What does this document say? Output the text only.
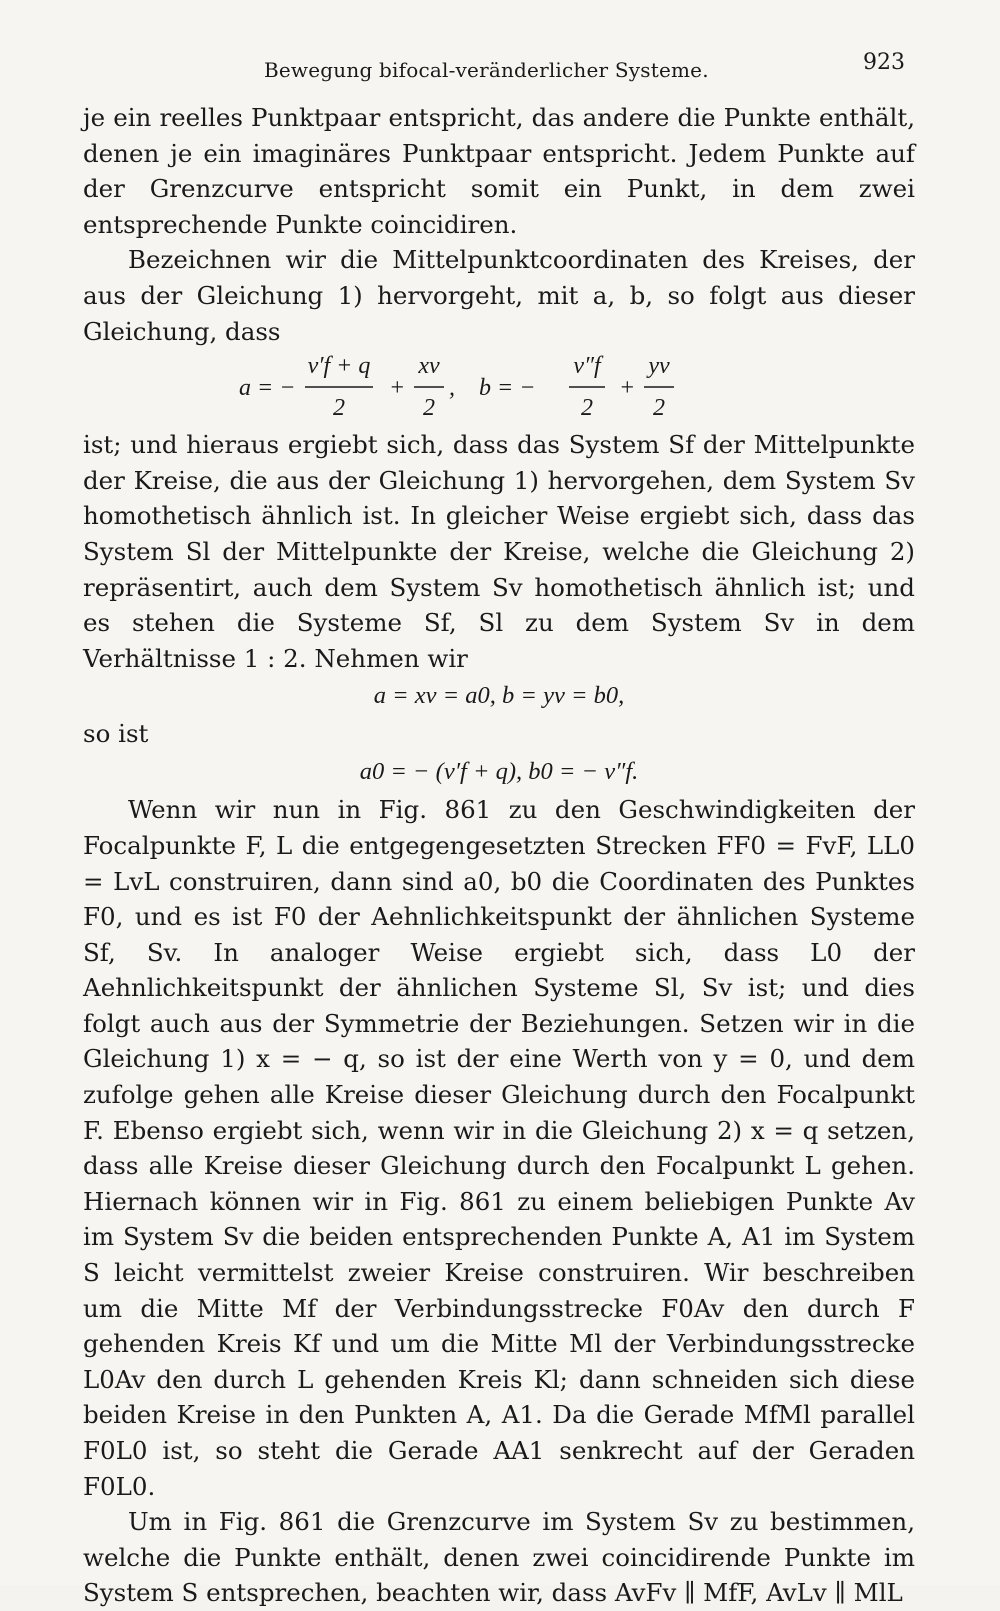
Bewegung bifocal-veränderlicher Systeme.	923

je ein reelles Punktpaar entspricht, das andere die Punkte enthält, denen je ein imaginäres Punktpaar entspricht. Jedem Punkte auf der Grenzcurve entspricht somit ein Punkt, in dem zwei entsprechende Punkte coincidiren.

Bezeichnen wir die Mittelpunktcoordinaten des Kreises, der aus der Gleichung 1) hervorgeht, mit a, b, so folgt aus dieser Gleichung, dass

a = −
v′f + q
2
+
xv
2
, b = −
v″f
2
+
yv
2

ist; und hieraus ergiebt sich, dass das System Sf der Mittelpunkte der Kreise, die aus der Gleichung 1) hervorgehen, dem System Sv homothetisch ähnlich ist. In gleicher Weise ergiebt sich, dass das System Sl der Mittelpunkte der Kreise, welche die Gleichung 2) repräsentirt, auch dem System Sv homothetisch ähnlich ist; und es stehen die Systeme Sf, Sl zu dem System Sv in dem Verhältnisse 1 : 2. Nehmen wir

a = xv = a0, b = yv = b0,
so ist
a0 = − (v′f + q), b0 = − v″f.

Wenn wir nun in Fig. 861 zu den Geschwindigkeiten der Focalpunkte F, L die entgegengesetzten Strecken FF0 = FvF, LL0 = LvL construiren, dann sind a0, b0 die Coordinaten des Punktes F0, und es ist F0 der Aehnlichkeitspunkt der ähnlichen Systeme Sf, Sv. In analoger Weise ergiebt sich, dass L0 der Aehnlichkeitspunkt der ähnlichen Systeme Sl, Sv ist; und dies folgt auch aus der Symmetrie der Beziehungen. Setzen wir in die Gleichung 1) x = − q, so ist der eine Werth von y = 0, und dem zufolge gehen alle Kreise dieser Gleichung durch den Focalpunkt F. Ebenso ergiebt sich, wenn wir in die Gleichung 2) x = q setzen, dass alle Kreise dieser Gleichung durch den Focalpunkt L gehen. Hiernach können wir in Fig. 861 zu einem beliebigen Punkte Av im System Sv die beiden entsprechenden Punkte A, A1 im System S leicht vermittelst zweier Kreise construiren. Wir beschreiben um die Mitte Mf der Verbindungsstrecke F0Av den durch F gehenden Kreis Kf und um die Mitte Ml der Verbindungsstrecke L0Av den durch L gehenden Kreis Kl; dann schneiden sich diese beiden Kreise in den Punkten A, A1. Da die Gerade MfMl parallel F0L0 ist, so steht die Gerade AA1 senkrecht auf der Geraden F0L0.

Um in Fig. 861 die Grenzcurve im System Sv zu bestimmen, welche die Punkte enthält, denen zwei coincidirende Punkte im System S entsprechen, beachten wir, dass AvFv ∥ MfF, AvLv ∥ MlL
